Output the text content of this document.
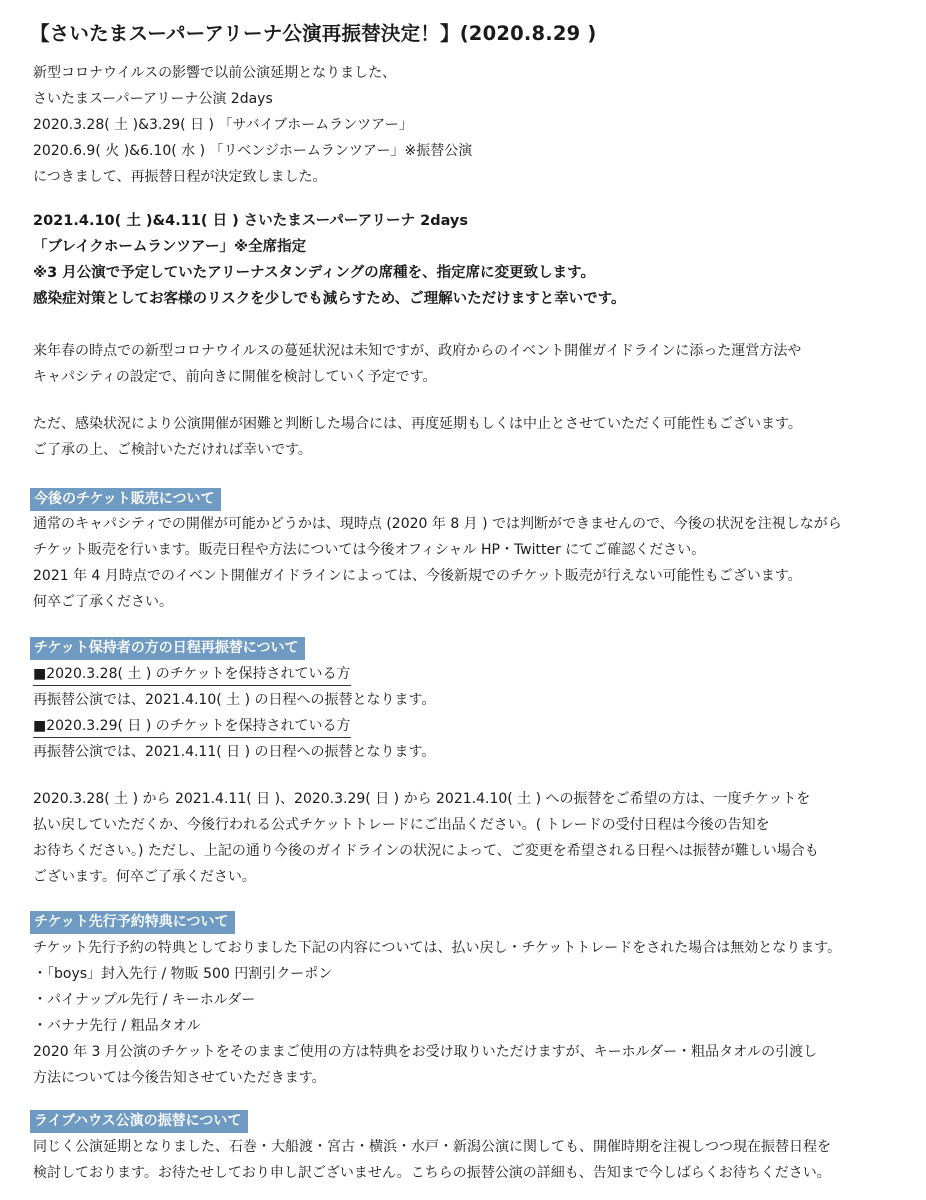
【さいたまスーパーアリーナ公演再振替決定！】(2020.8.29 )
新型コロナウイルスの影響で以前公演延期となりました、
さいたまスーパーアリーナ公演 2days
2020.3.28( 土 )&3.29( 日 ) 「サバイブホームランツアー」
2020.6.9( 火 )&6.10( 水 ) 「リベンジホームランツアー」※振替公演
につきまして、再振替日程が決定致しました。
2021.4.10( 土 )&4.11( 日 ) さいたまスーパーアリーナ 2days
「ブレイクホームランツアー」※全席指定
※3 月公演で予定していたアリーナスタンディングの席種を、指定席に変更致します。
感染症対策としてお客様のリスクを少しでも減らすため、ご理解いただけますと幸いです。
来年春の時点での新型コロナウイルスの蔓延状況は未知ですが、政府からのイベント開催ガイドラインに添った運営方法や
キャパシティの設定で、前向きに開催を検討していく予定です。
ただ、感染状況により公演開催が困難と判断した場合には、再度延期もしくは中止とさせていただく可能性もございます。
ご了承の上、ご検討いただければ幸いです。
今後のチケット販売について
通常のキャパシティでの開催が可能かどうかは、現時点 (2020 年 8 月 ) では判断ができませんので、今後の状況を注視しながら
チケット販売を行います。販売日程や方法については今後オフィシャル HP・Twitter にてご確認ください。
2021 年 4 月時点でのイベント開催ガイドラインによっては、今後新規でのチケット販売が行えない可能性もございます。
何卒ご了承ください。
チケット保持者の方の日程再振替について
■2020.3.28( 土 ) のチケットを保持されている方
再振替公演では、2021.4.10( 土 ) の日程への振替となります。
■2020.3.29( 日 ) のチケットを保持されている方
再振替公演では、2021.4.11( 日 ) の日程への振替となります。
2020.3.28( 土 ) から 2021.4.11( 日 )、2020.3.29( 日 ) から 2021.4.10( 土 ) への振替をご希望の方は、一度チケットを
払い戻していただくか、今後行われる公式チケットトレードにご出品ください。( トレードの受付日程は今後の告知を
お待ちください。) ただし、上記の通り今後のガイドラインの状況によって、ご変更を希望される日程へは振替が難しい場合も
ございます。何卒ご了承ください。
チケット先行予約特典について
チケット先行予約の特典としておりました下記の内容については、払い戻し・チケットトレードをされた場合は無効となります。
・「boys」封入先行 / 物販 500 円割引クーポン
・パイナップル先行 / キーホルダー
・バナナ先行 / 粗品タオル
2020 年 3 月公演のチケットをそのままご使用の方は特典をお受け取りいただけますが、キーホルダー・粗品タオルの引渡し
方法については今後告知させていただきます。
ライブハウス公演の振替について
同じく公演延期となりました、石巻・大船渡・宮古・横浜・水戸・新潟公演に関しても、開催時期を注視しつつ現在振替日程を
検討しております。お待たせしており申し訳ございません。こちらの振替公演の詳細も、告知まで今しばらくお待ちください。
